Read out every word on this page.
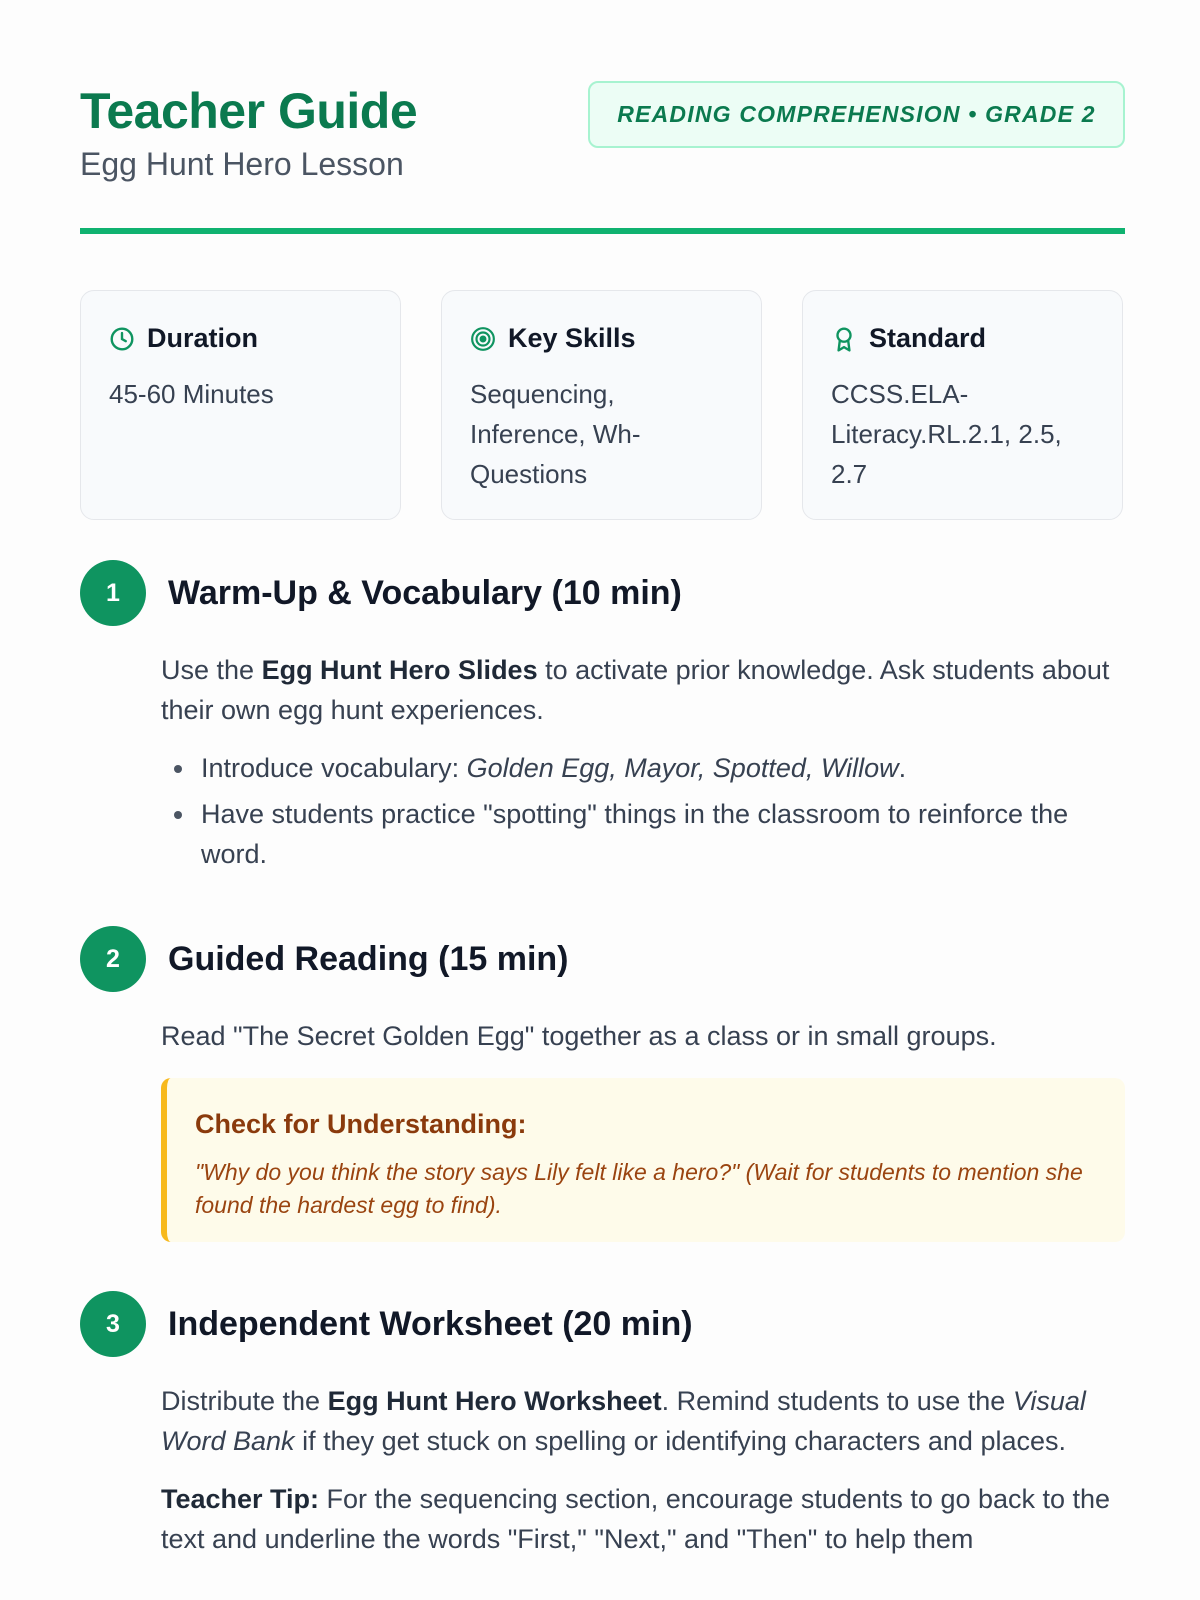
Teacher Guide
Egg Hunt Hero Lesson
READING COMPREHENSION • GRADE 2
Duration
45-60 Minutes
Key Skills
Sequencing, Inference, Wh-Questions
Standard
CCSS.ELA-Literacy.RL.2.1, 2.5, 2.7
1	Warm-Up & Vocabulary (10 min)

Use the Egg Hunt Hero Slides to activate prior knowledge. Ask students about their own egg hunt experiences.

Introduce vocabulary: Golden Egg, Mayor, Spotted, Willow.
Have students practice "spotting" things in the classroom to reinforce the word.
2	Guided Reading (15 min)

Read "The Secret Golden Egg" together as a class or in small groups.

Check for Understanding:
"Why do you think the story says Lily felt like a hero?" (Wait for students to mention she found the hardest egg to find).
3	Independent Worksheet (20 min)

Distribute the Egg Hunt Hero Worksheet. Remind students to use the Visual Word Bank if they get stuck on spelling or identifying characters and places.

Teacher Tip: For the sequencing section, encourage students to go back to the text and underline the words "First," "Next," and "Then" to help them
